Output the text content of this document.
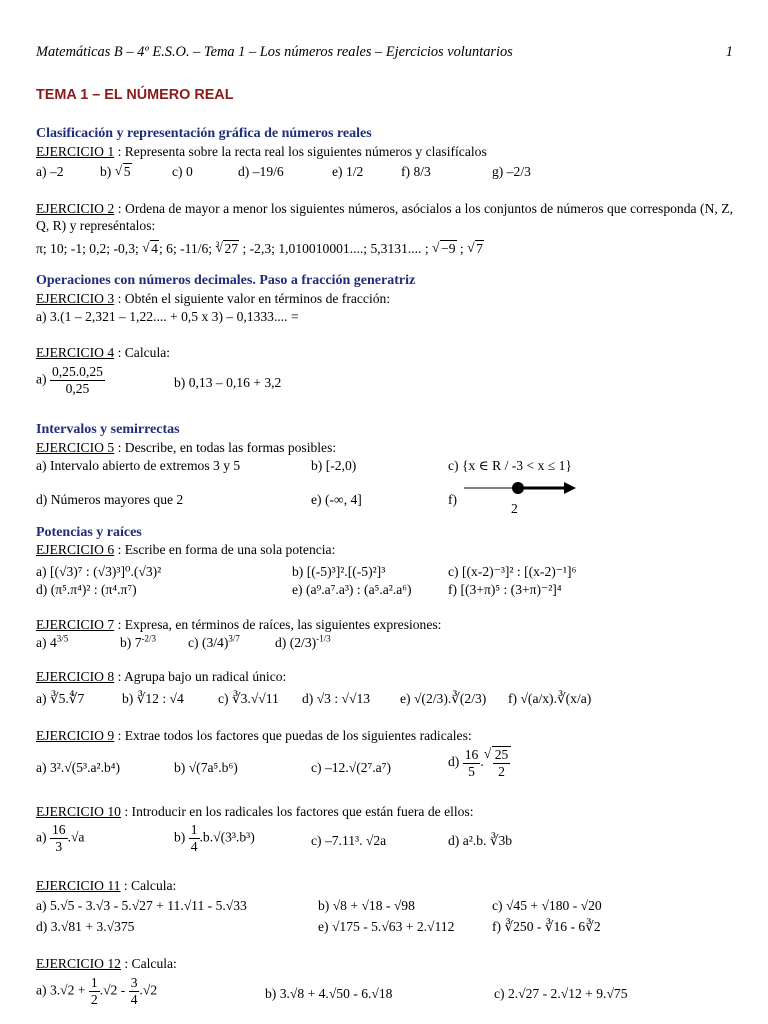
Matemáticas B – 4º E.S.O. – Tema 1 – Los números reales – Ejercicios voluntarios	1
TEMA 1 – EL NÚMERO REAL
Clasificación y representación gráfica de números reales
EJERCICIO 1 : Representa sobre la recta real los siguientes números y clasifícalos
a) –2	b) √ 5	c) 0	d) –19/6	e) 1/2	f) 8/3	g) –2/3
EJERCICIO 2 : Ordena de mayor a menor los siguientes números, asócialos a los conjuntos de números que corresponda (N, Z, Q, R) y represéntalos:
π; 10; -1; 0,2; -0,3; √ 4; 6; -11/6; $^3$ √ 27 ; -2,3; 1,010010001....; 5,3131.... ; √ −9 ; √ 7
Operaciones con números decimales. Paso a fracción generatriz
EJERCICIO 3 : Obtén el siguiente valor en términos de fracción:
a) 3.(1 – 2,321 – 1,22.... + 0,5 x 3) – 0,1333.... =
EJERCICIO 4 : Calcula:
$a) \frac{0,25.0,25}{0,25}$	b) 0,13 – 0,16 + 3,2
Intervalos y semirrectas
EJERCICIO 5 : Describe, en todas las formas posibles:
a) Intervalo abierto de extremos 3 y 5	b) [-2,0)	c) {x ∈ R / -3 < x ≤ 1}
d) Números mayores que 2	e) (-∞, 4]	f)
2
Potencias y raíces
EJERCICIO 6 : Escribe en forma de una sola potencia:
a) [(√3)⁷ : (√3)³]⁰.(√3)²	b) [(-5)³]².[(-5)²]³	c) [(x-2)⁻³]² : [(x-2)⁻¹]⁶
d) (π⁵.π⁴)² : (π⁴.π⁷)	e) (a⁹.a⁷.a³) : (a⁵.a².a⁶)	f) [(3+π)⁵ : (3+π)⁻²]⁴
EJERCICIO 7 : Expresa, en términos de raíces, las siguientes expresiones:
a) $4^{3/5}$	b) $7^{-2/3}$ c) $(3/4)^{3/7}$	d) $(2/3)^{-1/3}$
EJERCICIO 8 : Agrupa bajo un radical único:
a) ∛5.∜7	b) ∛12 : √4	c) ∛3.√√11 d) √3 : √√13 e) √(2/3).∛(2/3) f) √(a/x).∛(x/a)
EJERCICIO 9 : Extrae todos los factores que puedas de los siguientes radicales:
a) 3².√(5³.a².b⁴)	b) √(7a⁵.b⁶)	c) –12.√(2⁷.a⁷)	$d) \frac{16}{5}$ . √ $\frac{25}{2}$
EJERCICIO 10 : Introducir en los radicales los factores que están fuera de ellos:
$a) \frac{16}{3} .√a$	$b) \frac{1}{4} .b.√(3^3.b^3)$	c) –7.11³. √2a	d) a².b. ∛3b
EJERCICIO 11 : Calcula:
a) 5.√5 - 3.√3 - 5.√27 + 11.√11 - 5.√33	b) √8 + √18 - √98	c) √45 + √180 - √20
d) 3.√81 + 3.√375	e) √175 - 5.√63 + 2.√112	f) ∛250 - ∛16 - 6∛2
EJERCICIO 12 : Calcula:
a) $3.√2 + \frac{1}{2} .√2 - \frac{3}{4} .√2$	b) 3.√8 + 4.√50 - 6.√18	c) 2.√27 - 2.√12 + 9.√75
